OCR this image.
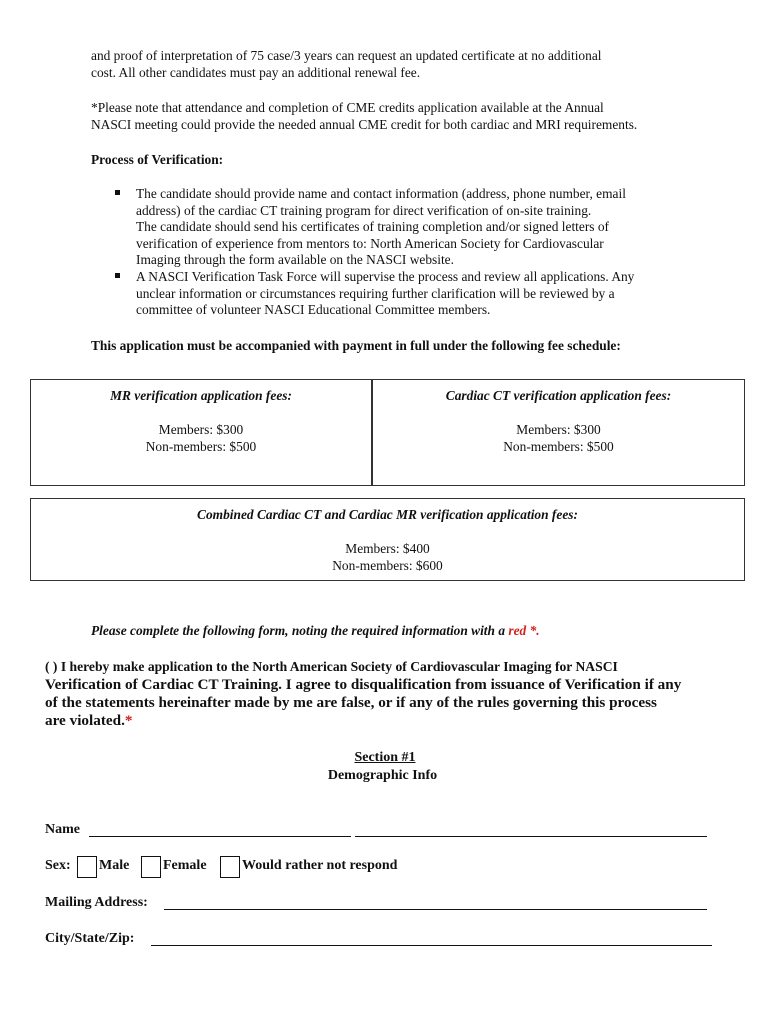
and proof of interpretation of 75 case/3 years can request an updated certificate at no additional
cost. All other candidates must pay an additional renewal fee.
*Please note that attendance and completion of CME credits application available at the Annual
NASCI meeting could provide the needed annual CME credit for both cardiac and MRI requirements.
Process of Verification:
The candidate should provide name and contact information (address, phone number, email
address) of the cardiac CT training program for direct verification of on-site training.
The candidate should send his certificates of training completion and/or signed letters of
verification of experience from mentors to: North American Society for Cardiovascular
Imaging through the form available on the NASCI website.
A NASCI Verification Task Force will supervise the process and review all applications. Any
unclear information or circumstances requiring further clarification will be reviewed by a
committee of volunteer NASCI Educational Committee members.
This application must be accompanied with payment in full under the following fee schedule:
MR verification application fees:
Members: $300
Non-members: $500
Cardiac CT verification application fees:
Members: $300
Non-members: $500
Combined Cardiac CT and Cardiac MR verification application fees:
Members: $400
Non-members: $600
Please complete the following form, noting the required information with a red *.
( ) I hereby make application to the North American Society of Cardiovascular Imaging for NASCI
Verification of Cardiac CT Training. I agree to disqualification from issuance of Verification if any
of the statements hereinafter made by me are false, or if any of the rules governing this process
are violated.*
Section #1
Demographic Info
Name
Sex: Male Female	Would rather not respond
Mailing Address:
City/State/Zip:
